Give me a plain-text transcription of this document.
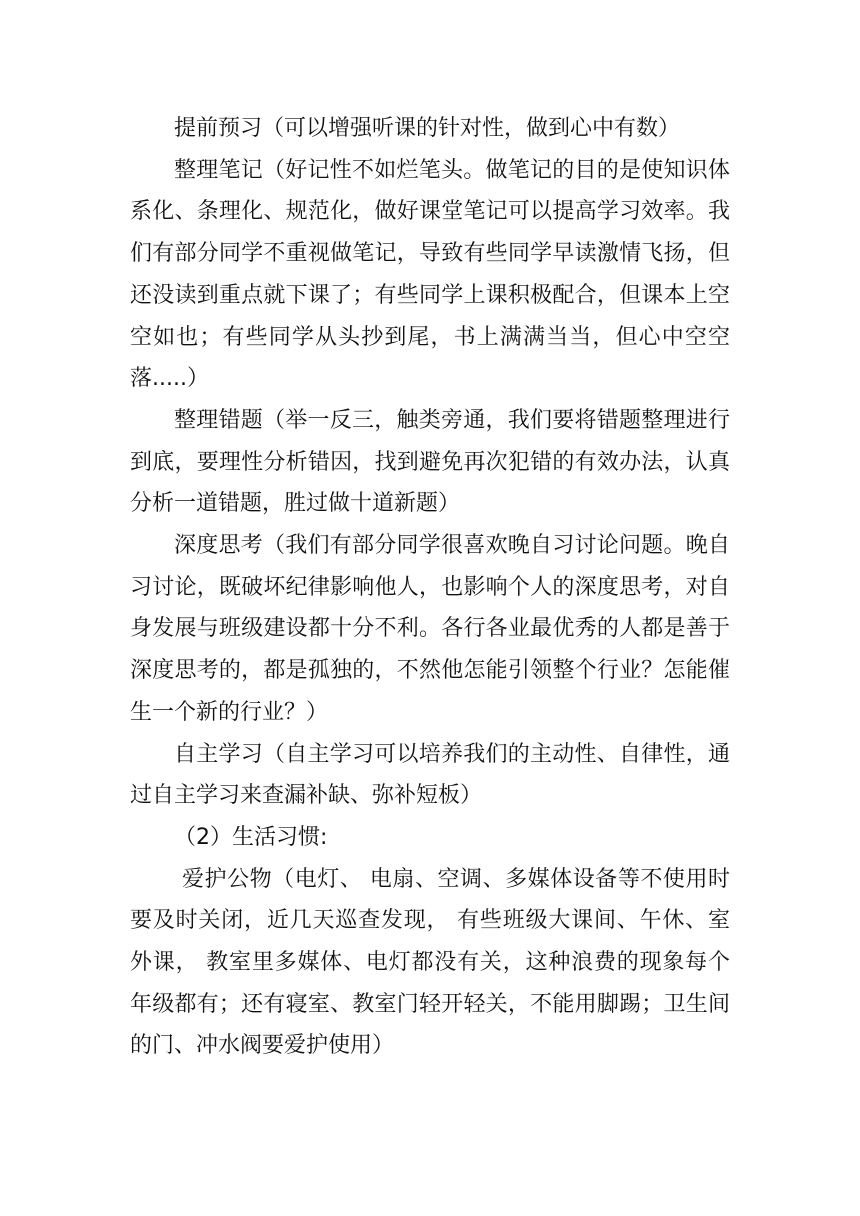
提前预习（可以增强听课的针对性，做到心中有数）

整理笔记（好记性不如烂笔头。做笔记的目的是使知识体系化、条理化、规范化，做好课堂笔记可以提高学习效率。我们有部分同学不重视做笔记，导致有些同学早读激情飞扬，但还没读到重点就下课了；有些同学上课积极配合，但课本上空空如也；有些同学从头抄到尾，书上满满当当，但心中空空落.....）

整理错题（举一反三，触类旁通，我们要将错题整理进行到底，要理性分析错因，找到避免再次犯错的有效办法，认真分析一道错题，胜过做十道新题）

深度思考（我们有部分同学很喜欢晚自习讨论问题。晚自习讨论，既破坏纪律影响他人，也影响个人的深度思考，对自身发展与班级建设都十分不利。各行各业最优秀的人都是善于深度思考的，都是孤独的，不然他怎能引领整个行业？怎能催生一个新的行业？）

自主学习（自主学习可以培养我们的主动性、自律性，通过自主学习来查漏补缺、弥补短板）

（2）生活习惯:

爱护公物（电灯、 电扇、空调、多媒体设备等不使用时要及时关闭，近几天巡查发现， 有些班级大课间、午休、室外课， 教室里多媒体、电灯都没有关，这种浪费的现象每个年级都有；还有寝室、教室门轻开轻关，不能用脚踢；卫生间的门、冲水阀要爱护使用）
